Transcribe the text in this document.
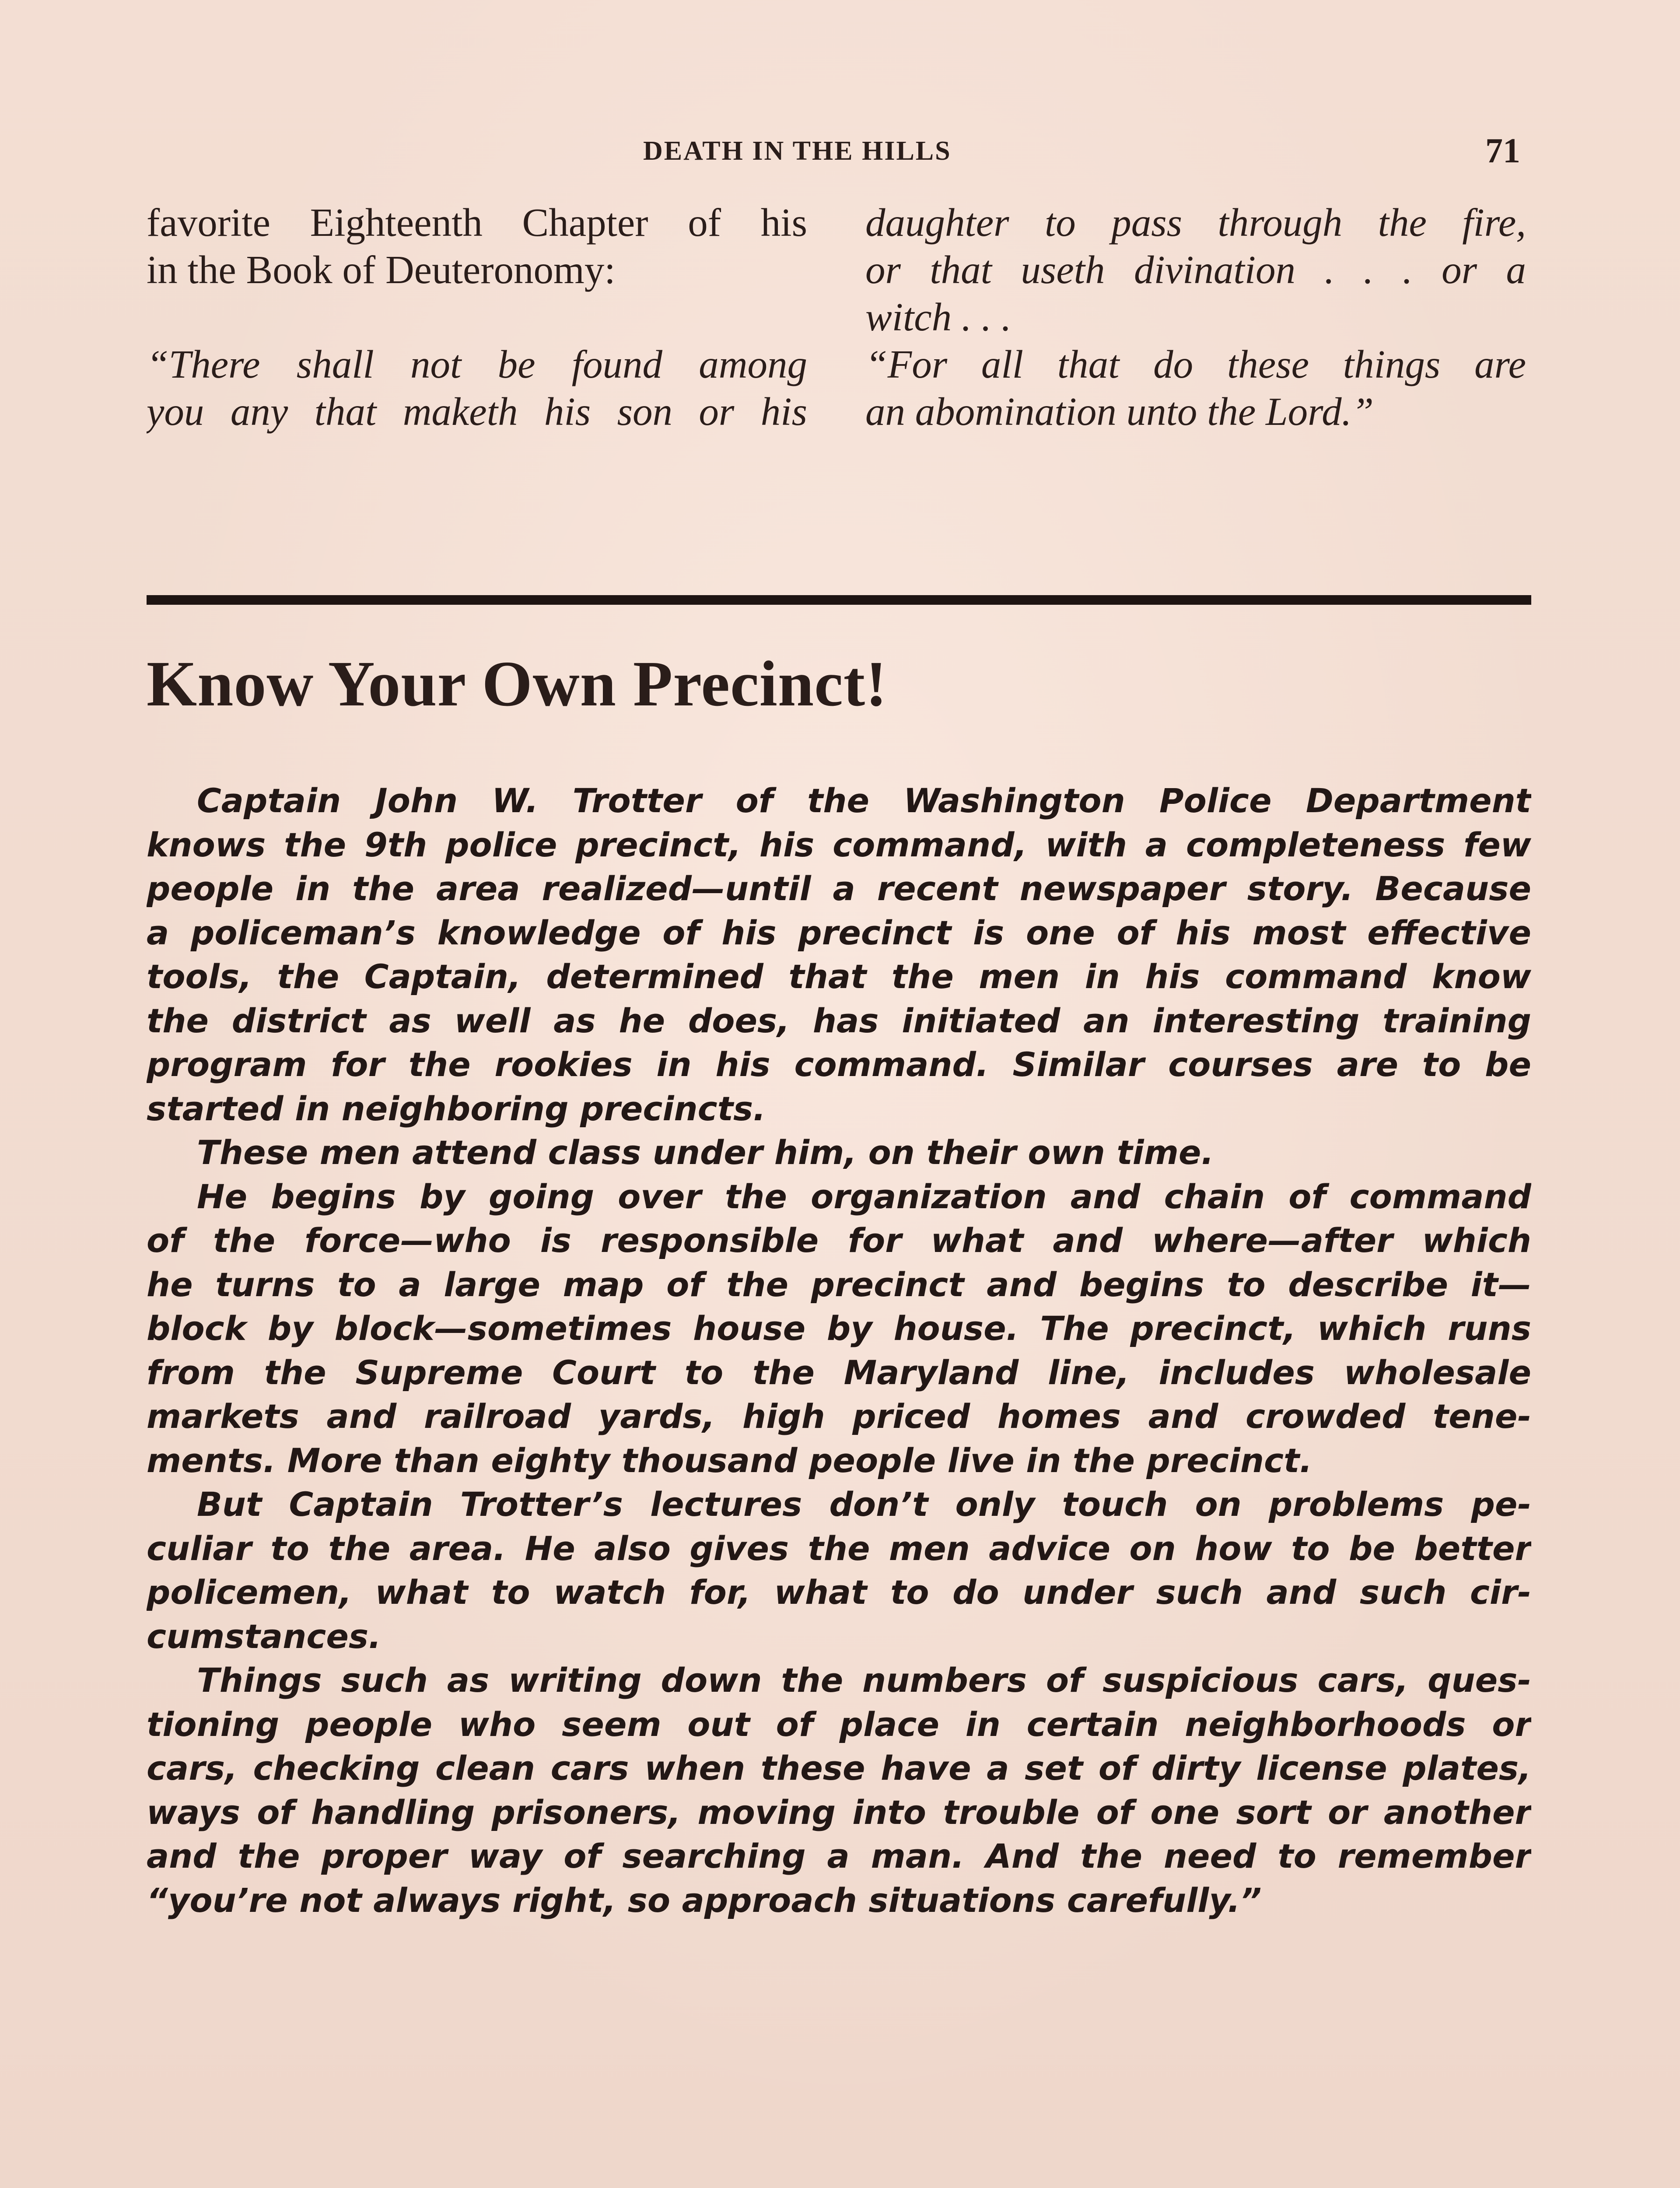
DEATH IN THE HILLS	71
favorite Eighteenth Chapter of his
in the Book of Deuteronomy:
“There shall not be found among
you any that maketh his son or his
daughter to pass through the fire,
or that useth divination . . . or a
witch . . .
“For all that do these things are
an abomination unto the Lord.”
Know Your Own Precinct!
Captain John W. Trotter of the Washington Police Department
knows the 9th police precinct, his command, with a completeness few
people in the area realized—until a recent newspaper story. Because
a policeman’s knowledge of his precinct is one of his most effective
tools, the Captain, determined that the men in his command know
the district as well as he does, has initiated an interesting training
program for the rookies in his command. Similar courses are to be
started in neighboring precincts.
These men attend class under him, on their own time.
He begins by going over the organization and chain of command
of the force—who is responsible for what and where—after which
he turns to a large map of the precinct and begins to describe it—
block by block—sometimes house by house. The precinct, which runs
from the Supreme Court to the Maryland line, includes wholesale
markets and railroad yards, high priced homes and crowded tene-
ments. More than eighty thousand people live in the precinct.
But Captain Trotter’s lectures don’t only touch on problems pe-
culiar to the area. He also gives the men advice on how to be better
policemen, what to watch for, what to do under such and such cir-
cumstances.
Things such as writing down the numbers of suspicious cars, ques-
tioning people who seem out of place in certain neighborhoods or
cars, checking clean cars when these have a set of dirty license plates,
ways of handling prisoners, moving into trouble of one sort or another
and the proper way of searching a man. And the need to remember
“you’re not always right, so approach situations carefully.”
